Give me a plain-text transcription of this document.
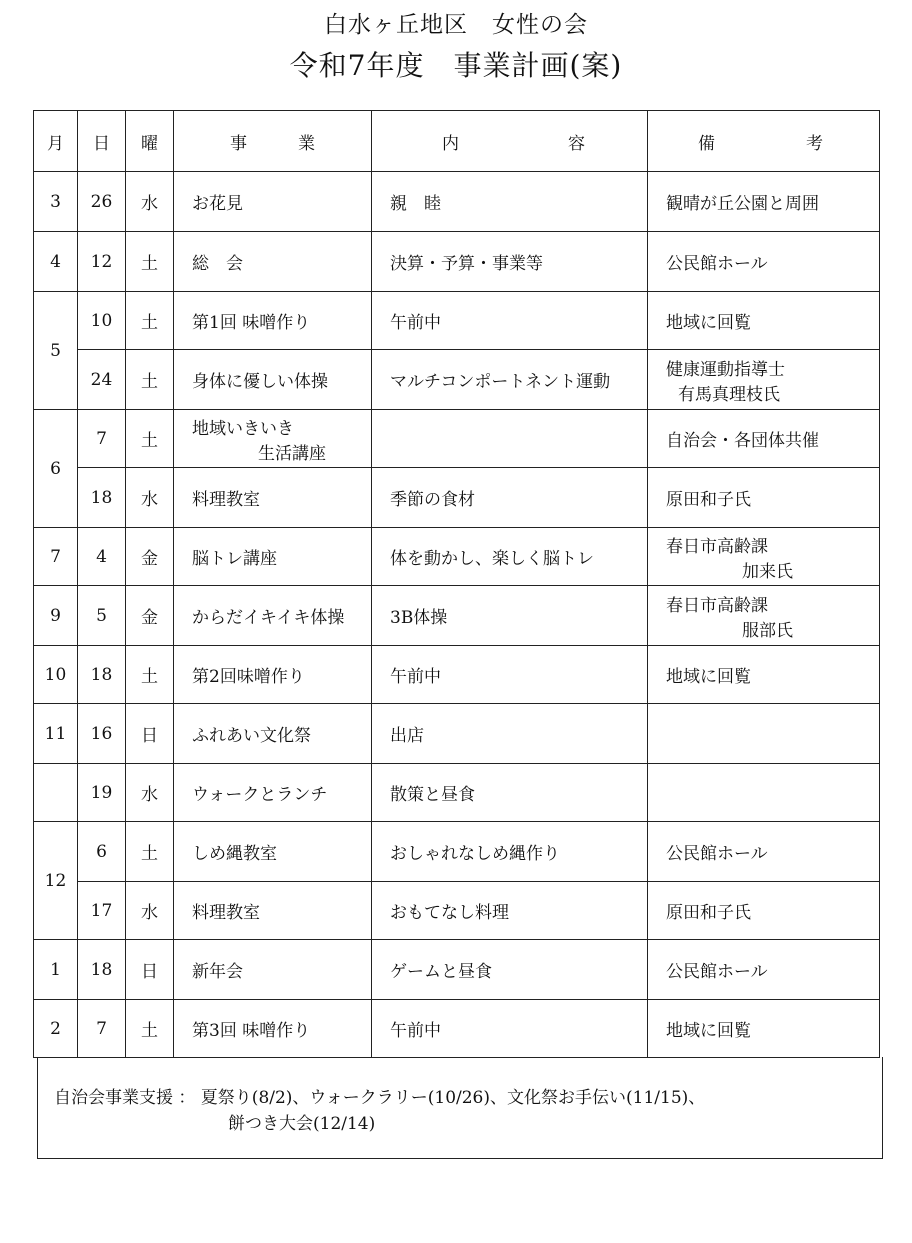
白水ヶ丘地区　女性の会
令和7年度　事業計画(案)
月	日	曜	事 業	内 容	備 考

3	26	水	お花見	親　睦	観晴が丘公園と周囲
4	12	土	総　会	決算・予算・事業等	公民館ホール
5	10	土	第1回 味噌作り	午前中	地域に回覧
	24	土	身体に優しい体操	マルチコンポートネント運動	健康運動指導士
有馬真理枝氏

6	7	土	地域いきいき
生活講座		自治会・各団体共催
	18	水	料理教室	季節の食材	原田和子氏
7	4	金	脳トレ講座	体を動かし、楽しく脳トレ	春日市高齢課
加来氏

9	5	金	からだイキイキ体操	3B体操	春日市高齢課
服部氏

10	18	土	第2回味噌作り	午前中	地域に回覧
11	16	日	ふれあい文化祭	出店	
	19	水	ウォークとランチ	散策と昼食	
12	6	土	しめ縄教室	おしゃれなしめ縄作り	公民館ホール
	17	水	料理教室	おもてなし料理	原田和子氏
1	18	日	新年会	ゲームと昼食	公民館ホール
2	7	土	第3回 味噌作り	午前中	地域に回覧
自治会事業支援 ： 夏祭り(8/2)、ウォークラリー(10/26)、文化祭お手伝い(11/15)、
餅つき大会(12/14)
